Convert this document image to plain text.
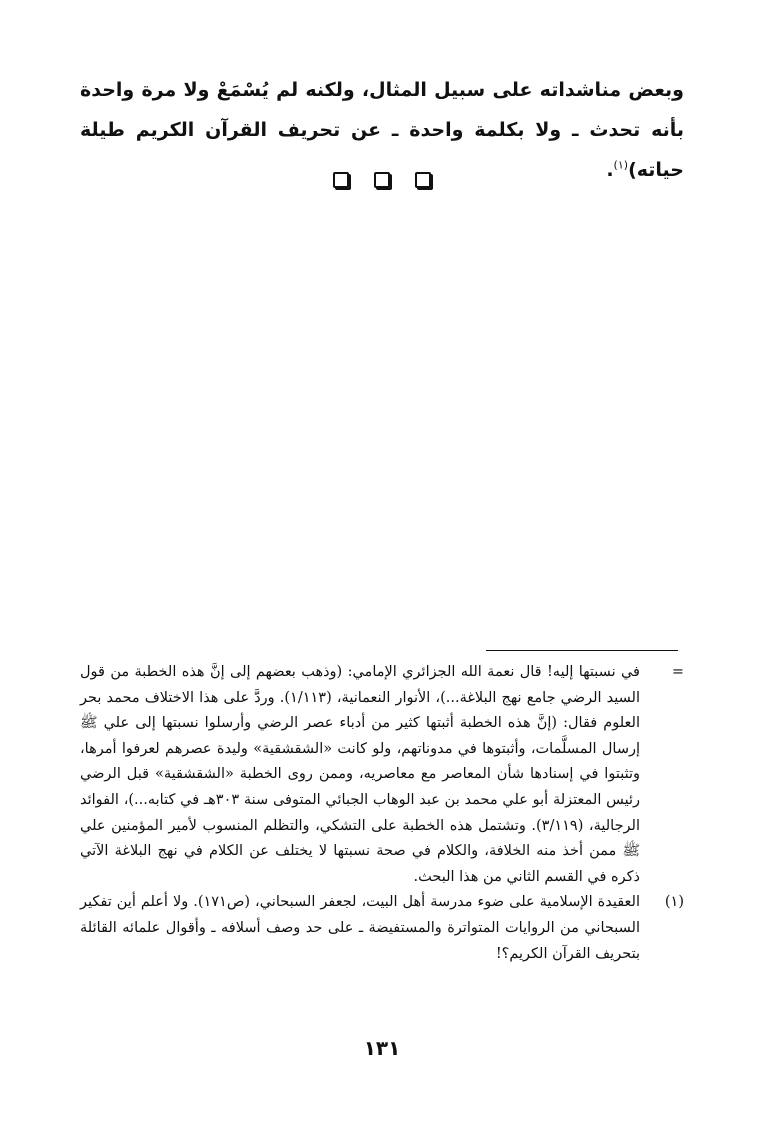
وبعض مناشداته على سبيل المثال، ولكنه لم يُسْمَعْ ولا مرة واحدة بأنه تحدث ـ ولا بكلمة واحدة ـ عن تحريف القرآن الكريم طيلة حياته)$^{(١)}$.

=
في نسبتها إليه! قال نعمة الله الجزائري الإمامي: (وذهب بعضهم إلى إنَّ هذه الخطبة من قول السيد الرضي جامع نهج البلاغة...)، الأنوار النعمانية، (١/١١٣). وردَّ على هذا الاختلاف محمد بحر العلوم فقال: (إنَّ هذه الخطبة أثبتها كثير من أدباء عصر الرضي وأرسلوا نسبتها إلى علي ﷺ إرسال المسلَّمات، وأثبتوها في مدوناتهم، ولو كانت «الشقشقية» وليدة عصرهم لعرفوا أمرها، وتثبتوا في إسنادها شأن المعاصر مع معاصريه، وممن روى الخطبة «الشقشقية» قبل الرضي رئيس المعتزلة أبو علي محمد بن عبد الوهاب الجبائي المتوفى سنة ٣٠٣هـ في كتابه...)، الفوائد الرجالية، (٣/١١٩). وتشتمل هذه الخطبة على التشكي، والتظلم المنسوب لأمير المؤمنين علي ﷺ ممن أخذ منه الخلافة، والكلام في صحة نسبتها لا يختلف عن الكلام في نهج البلاغة الآتي ذكره في القسم الثاني من هذا البحث.

(١)
العقيدة الإسلامية على ضوء مدرسة أهل البيت، لجعفر السبحاني، (ص١٧١). ولا أعلم أين تفكير السبحاني من الروايات المتواترة والمستفيضة ـ على حد وصف أسلافه ـ وأقوال علمائه القائلة بتحريف القرآن الكريم؟!

١٣١
